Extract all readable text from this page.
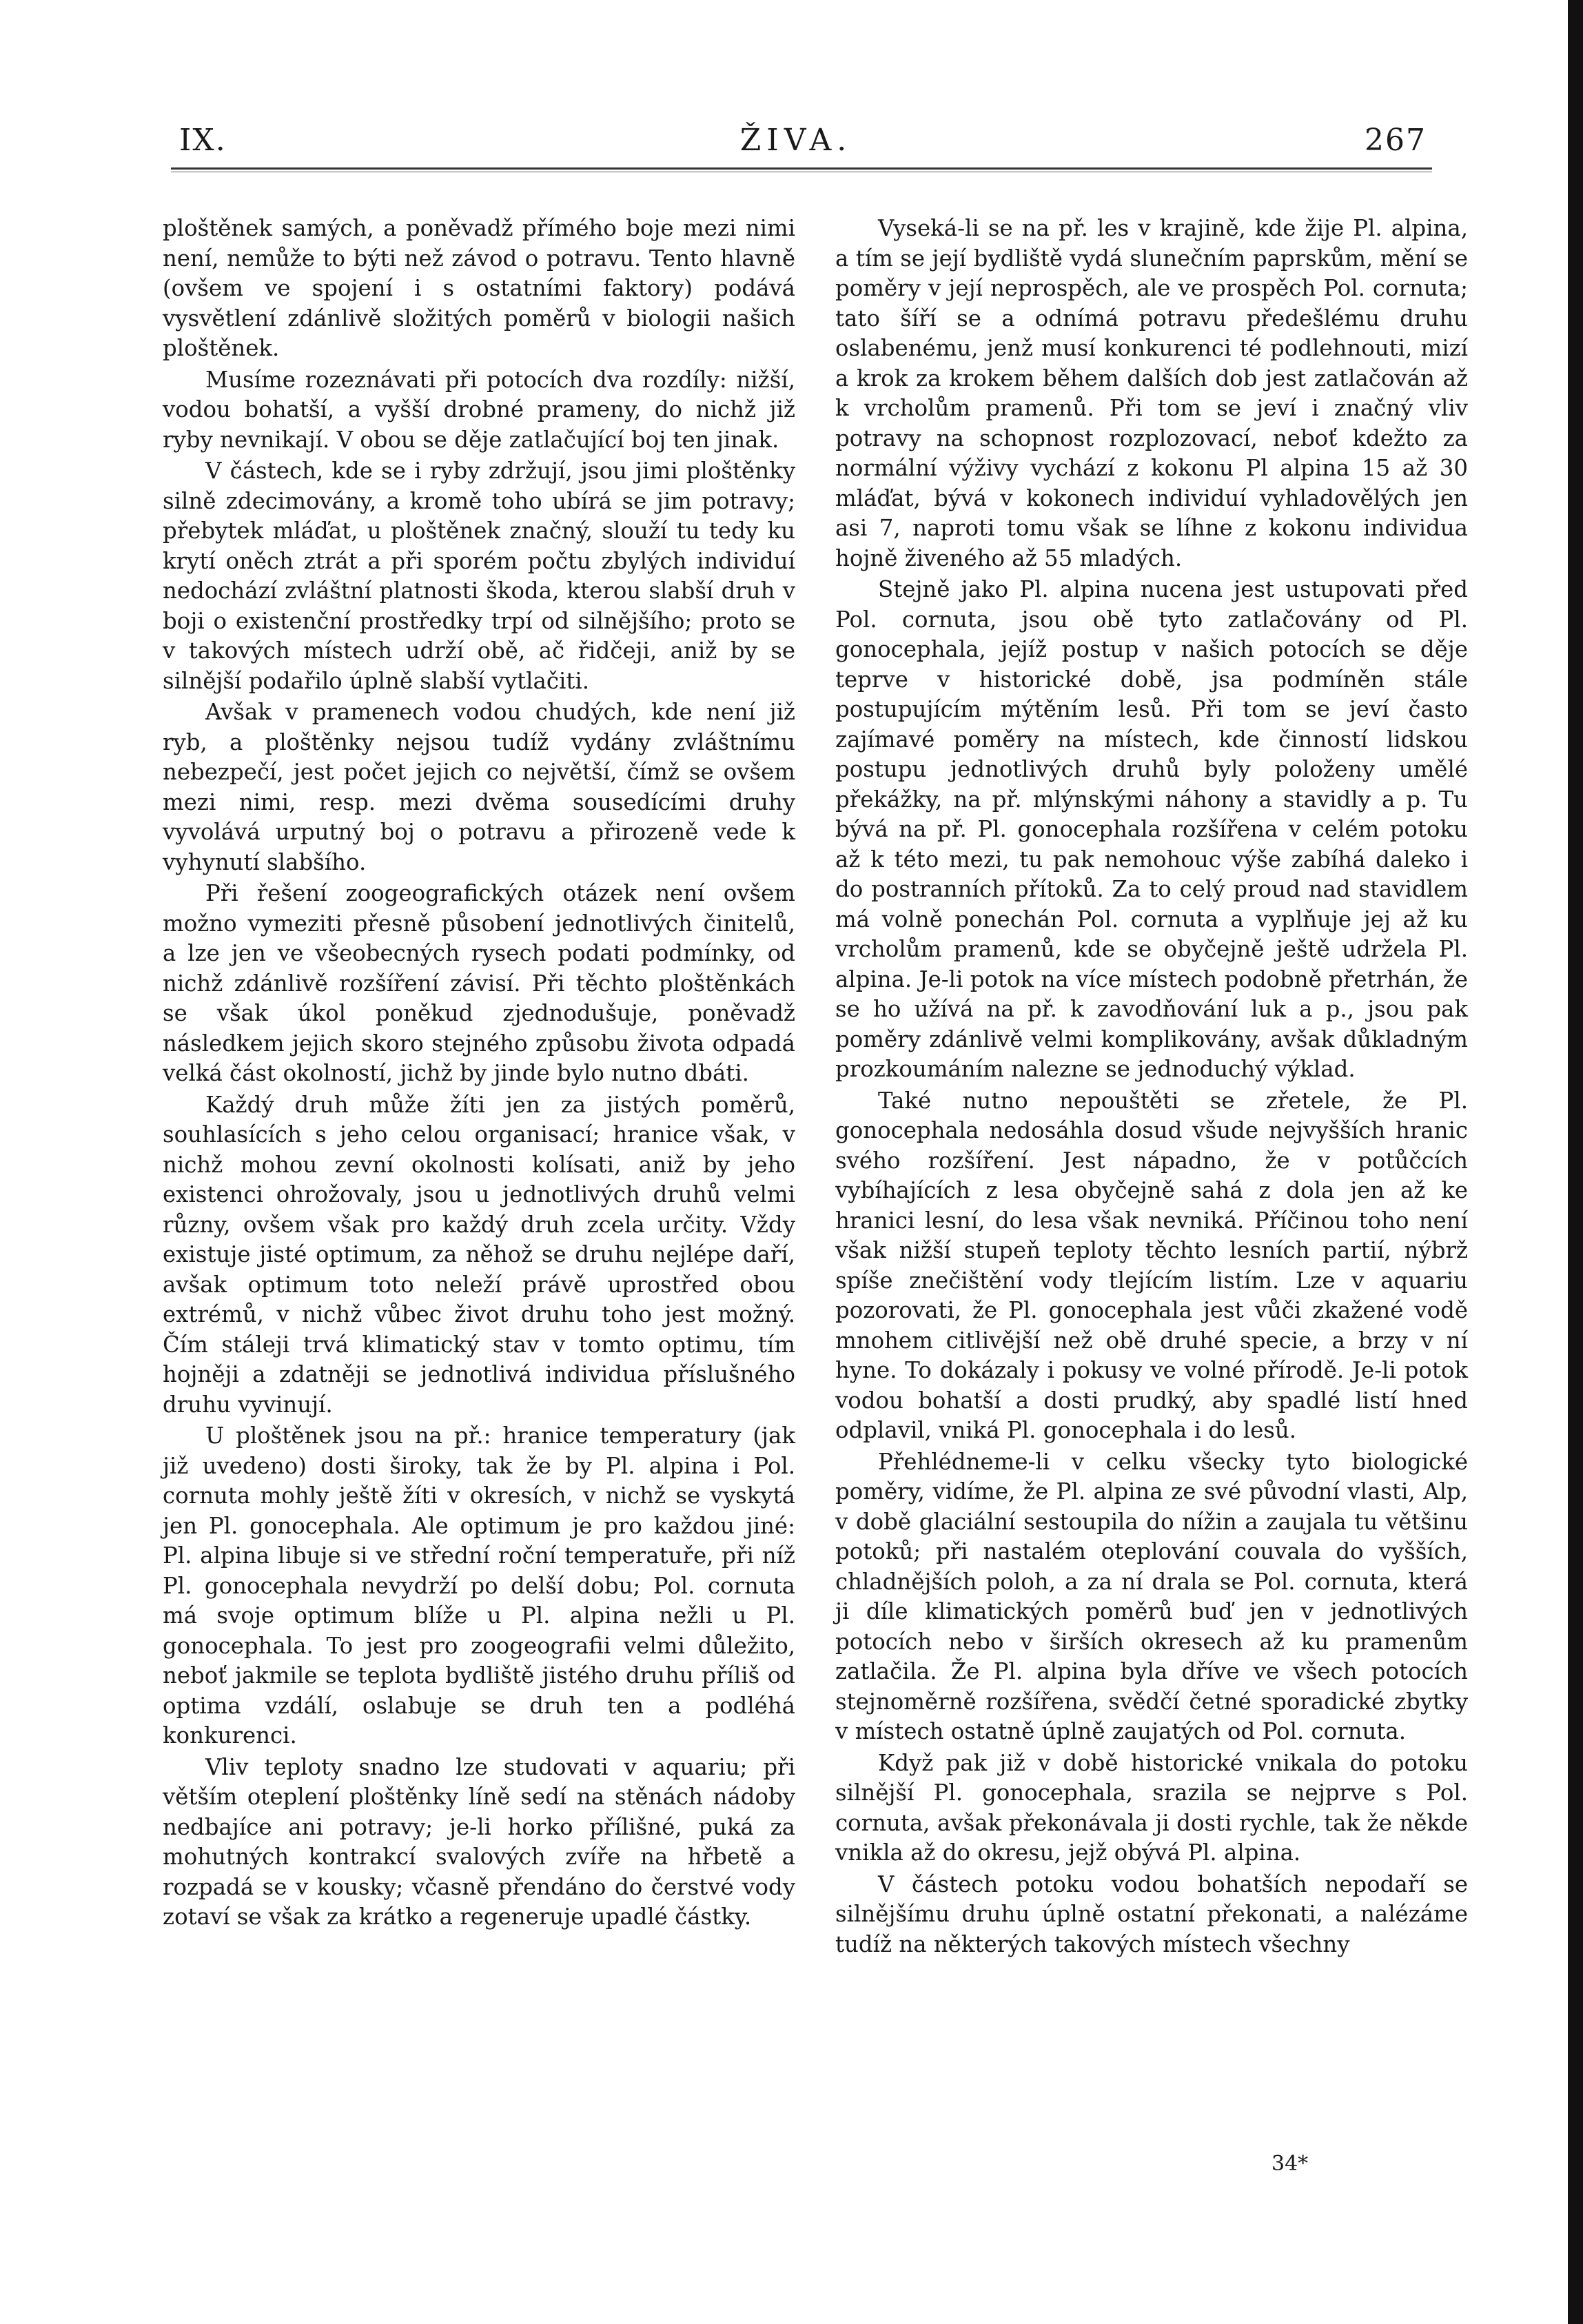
IX.	ŽIVA.	267

ploštěnek samých, a poněvadž přímého boje mezi nimi není, nemůže to býti než závod o potravu. Tento hlavně (ovšem ve spojení i s ostatními faktory) podává vysvětlení zdánlivě složitých poměrů v biologii našich ploštěnek.

Musíme rozeznávati při potocích dva rozdíly: nižší, vodou bohatší, a vyšší drobné prameny, do nichž již ryby nevnikají. V obou se děje zatlačující boj ten jinak.

V částech, kde se i ryby zdržují, jsou jimi ploštěnky silně zdecimovány, a kromě toho ubírá se jim potravy; přebytek mláďat, u ploštěnek značný, slouží tu tedy ku krytí oněch ztrát a při sporém počtu zbylých individuí nedochází zvláštní platnosti škoda, kterou slabší druh v boji o existenční prostředky trpí od silnějšího; proto se v takových místech udrží obě, ač řidčeji, aniž by se silnější podařilo úplně slabší vytlačiti.

Avšak v pramenech vodou chudých, kde není již ryb, a ploštěnky nejsou tudíž vydány zvláštnímu nebezpečí, jest počet jejich co největší, čímž se ovšem mezi nimi, resp. mezi dvěma sousedícími druhy vyvolává urputný boj o potravu a přirozeně vede k vyhynutí slabšího.

Při řešení zoogeografických otázek není ovšem možno vymeziti přesně působení jednotlivých činitelů, a lze jen ve všeobecných rysech podati podmínky, od nichž zdánlivě rozšíření závisí. Při těchto ploštěnkách se však úkol poněkud zjednodušuje, poněvadž následkem jejich skoro stejného způsobu života odpadá velká část okolností, jichž by jinde bylo nutno dbáti.

Každý druh může žíti jen za jistých poměrů, souhlasících s jeho celou organisací; hranice však, v nichž mohou zevní okolnosti kolísati, aniž by jeho existenci ohrožovaly, jsou u jednotlivých druhů velmi různy, ovšem však pro každý druh zcela určity. Vždy existuje jisté optimum, za něhož se druhu nejlépe daří, avšak optimum toto neleží právě uprostřed obou extrémů, v nichž vůbec život druhu toho jest možný. Čím stáleji trvá klimatický stav v tomto optimu, tím hojněji a zdatněji se jednotlivá individua příslušného druhu vyvinují.

U ploštěnek jsou na př.: hranice temperatury (jak již uvedeno) dosti široky, tak že by Pl. alpina i Pol. cornuta mohly ještě žíti v okresích, v nichž se vyskytá jen Pl. gonocephala. Ale optimum je pro každou jiné: Pl. alpina libuje si ve střední roční temperatuře, při níž Pl. gonocephala nevydrží po delší dobu; Pol. cornuta má svoje optimum blíže u Pl. alpina nežli u Pl. gonocephala. To jest pro zoogeografii velmi důležito, neboť jakmile se teplota bydliště jistého druhu příliš od optima vzdálí, oslabuje se druh ten a podléhá konkurenci.

Vliv teploty snadno lze studovati v aquariu; při větším oteplení ploštěnky líně sedí na stěnách nádoby nedbajíce ani potravy; je-li horko přílišné, puká za mohutných kontrakcí svalových zvíře na hřbetě a rozpadá se v kousky; včasně přendáno do čerstvé vody zotaví se však za krátko a regeneruje upadlé částky.

Vyseká-li se na př. les v krajině, kde žije Pl. alpina, a tím se její bydliště vydá slunečním paprskům, mění se poměry v její neprospěch, ale ve prospěch Pol. cornuta; tato šíří se a odnímá potravu předešlému druhu oslabenému, jenž musí konkurenci té podlehnouti, mizí a krok za krokem během dalších dob jest zatlačován až k vrcholům pramenů. Při tom se jeví i značný vliv potravy na schopnost rozplozovací, neboť kdežto za normální výživy vychází z kokonu Pl alpina 15 až 30 mláďat, bývá v kokonech individuí vyhladovělých jen asi 7, naproti tomu však se líhne z kokonu individua hojně živeného až 55 mladých.

Stejně jako Pl. alpina nucena jest ustupovati před Pol. cornuta, jsou obě tyto zatlačovány od Pl. gonocephala, jejíž postup v našich potocích se děje teprve v historické době, jsa podmíněn stále postupujícím mýtěním lesů. Při tom se jeví často zajímavé poměry na místech, kde činností lidskou postupu jednotlivých druhů byly položeny umělé překážky, na př. mlýnskými náhony a stavidly a p. Tu bývá na př. Pl. gonocephala rozšířena v celém potoku až k této mezi, tu pak nemohouc výše zabíhá daleko i do postranních přítoků. Za to celý proud nad stavidlem má volně ponechán Pol. cornuta a vyplňuje jej až ku vrcholům pramenů, kde se obyčejně ještě udržela Pl. alpina. Je-li potok na více místech podobně přetrhán, že se ho užívá na př. k zavodňování luk a p., jsou pak poměry zdánlivě velmi komplikovány, avšak důkladným prozkoumáním nalezne se jednoduchý výklad.

Také nutno nepouštěti se zřetele, že Pl. gonocephala nedosáhla dosud všude nejvyšších hranic svého rozšíření. Jest nápadno, že v potůčcích vybíhajících z lesa obyčejně sahá z dola jen až ke hranici lesní, do lesa však nevniká. Příčinou toho není však nižší stupeň teploty těchto lesních partií, nýbrž spíše znečištění vody tlejícím listím. Lze v aquariu pozorovati, že Pl. gonocephala jest vůči zkažené vodě mnohem citlivější než obě druhé specie, a brzy v ní hyne. To dokázaly i pokusy ve volné přírodě. Je-li potok vodou bohatší a dosti prudký, aby spadlé listí hned odplavil, vniká Pl. gonocephala i do lesů.

Přehlédneme-li v celku všecky tyto biologické poměry, vidíme, že Pl. alpina ze své původní vlasti, Alp, v době glaciální sestoupila do nížin a zaujala tu většinu potoků; při nastalém oteplování couvala do vyšších, chladnějších poloh, a za ní drala se Pol. cornuta, která ji díle klimatických poměrů buď jen v jednotlivých potocích nebo v širších okresech až ku pramenům zatlačila. Že Pl. alpina byla dříve ve všech potocích stejnoměrně rozšířena, svědčí četné sporadické zbytky v místech ostatně úplně zaujatých od Pol. cornuta.

Když pak již v době historické vnikala do potoku silnější Pl. gonocephala, srazila se nejprve s Pol. cornuta, avšak překonávala ji dosti rychle, tak že někde vnikla až do okresu, jejž obývá Pl. alpina.

V částech potoku vodou bohatších nepodaří se silnějšímu druhu úplně ostatní překonati, a nalézáme tudíž na některých takových místech všechny

34*
